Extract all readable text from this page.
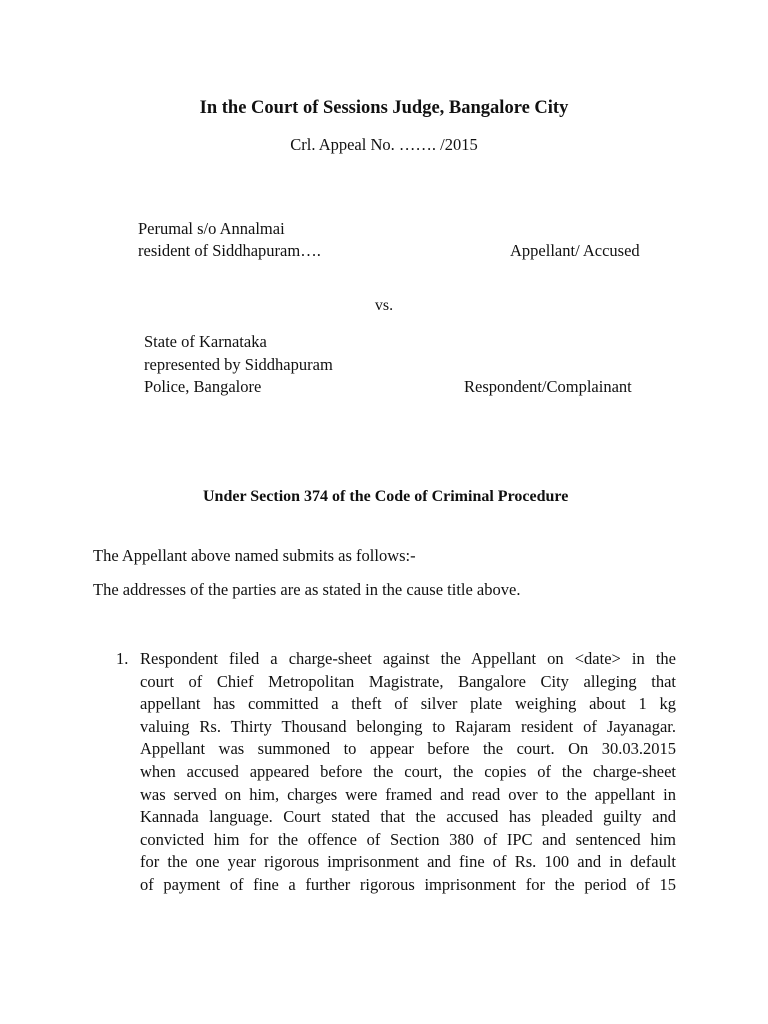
In the Court of Sessions Judge, Bangalore City
Crl. Appeal No. ……. /2015
Perumal s/o Annalmai
resident of Siddhapuram….	Appellant/ Accused
vs.
State of Karnataka
represented by Siddhapuram
Police, Bangalore	Respondent/Complainant
Under Section 374 of the Code of Criminal Procedure
The Appellant above named submits as follows:-
The addresses of the parties are as stated in the cause title above.
1. Respondent filed a charge-sheet against the Appellant on <date> in the
court of Chief Metropolitan Magistrate, Bangalore City alleging that
appellant has committed a theft of silver plate weighing about 1 kg
valuing Rs. Thirty Thousand belonging to Rajaram resident of Jayanagar.
Appellant was summoned to appear before the court. On 30.03.2015
when accused appeared before the court, the copies of the charge-sheet
was served on him, charges were framed and read over to the appellant in
Kannada language. Court stated that the accused has pleaded guilty and
convicted him for the offence of Section 380 of IPC and sentenced him
for the one year rigorous imprisonment and fine of Rs. 100 and in default
of payment of fine a further rigorous imprisonment for the period of 15
